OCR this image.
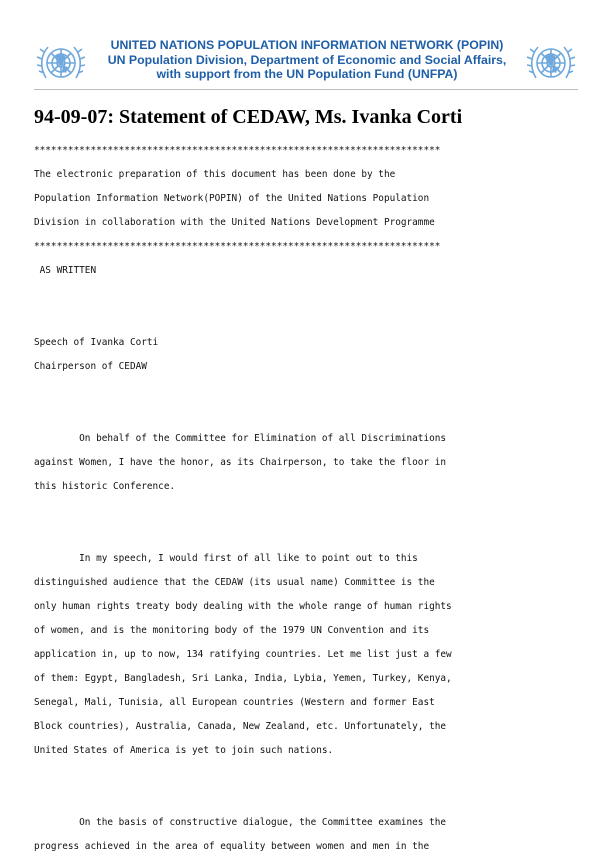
UNITED NATIONS POPULATION INFORMATION NETWORK (POPIN)
UN Population Division, Department of Economic and Social Affairs,
with support from the UN Population Fund (UNFPA)
94-09-07: Statement of CEDAW, Ms. Ivanka Corti
************************************************************************
The electronic preparation of this document has been done by the
Population Information Network(POPIN) of the United Nations Population
Division in collaboration with the United Nations Development Programme
************************************************************************
AS WRITTEN
Speech of Ivanka Corti
Chairperson of CEDAW
On behalf of the Committee for Elimination of all Discriminations
against Women, I have the honor, as its Chairperson, to take the floor in
this historic Conference.
In my speech, I would first of all like to point out to this
distinguished audience that the CEDAW (its usual name) Committee is the
only human rights treaty body dealing with the whole range of human rights
of women, and is the monitoring body of the 1979 UN Convention and its
application in, up to now, 134 ratifying countries. Let me list just a few
of them: Egypt, Bangladesh, Sri Lanka, India, Lybia, Yemen, Turkey, Kenya,
Senegal, Mali, Tunisia, all European countries (Western and former East
Block countries), Australia, Canada, New Zealand, etc. Unfortunately, the
United States of America is yet to join such nations.
On the basis of constructive dialogue, the Committee examines the
progress achieved in the area of equality between women and men in the
